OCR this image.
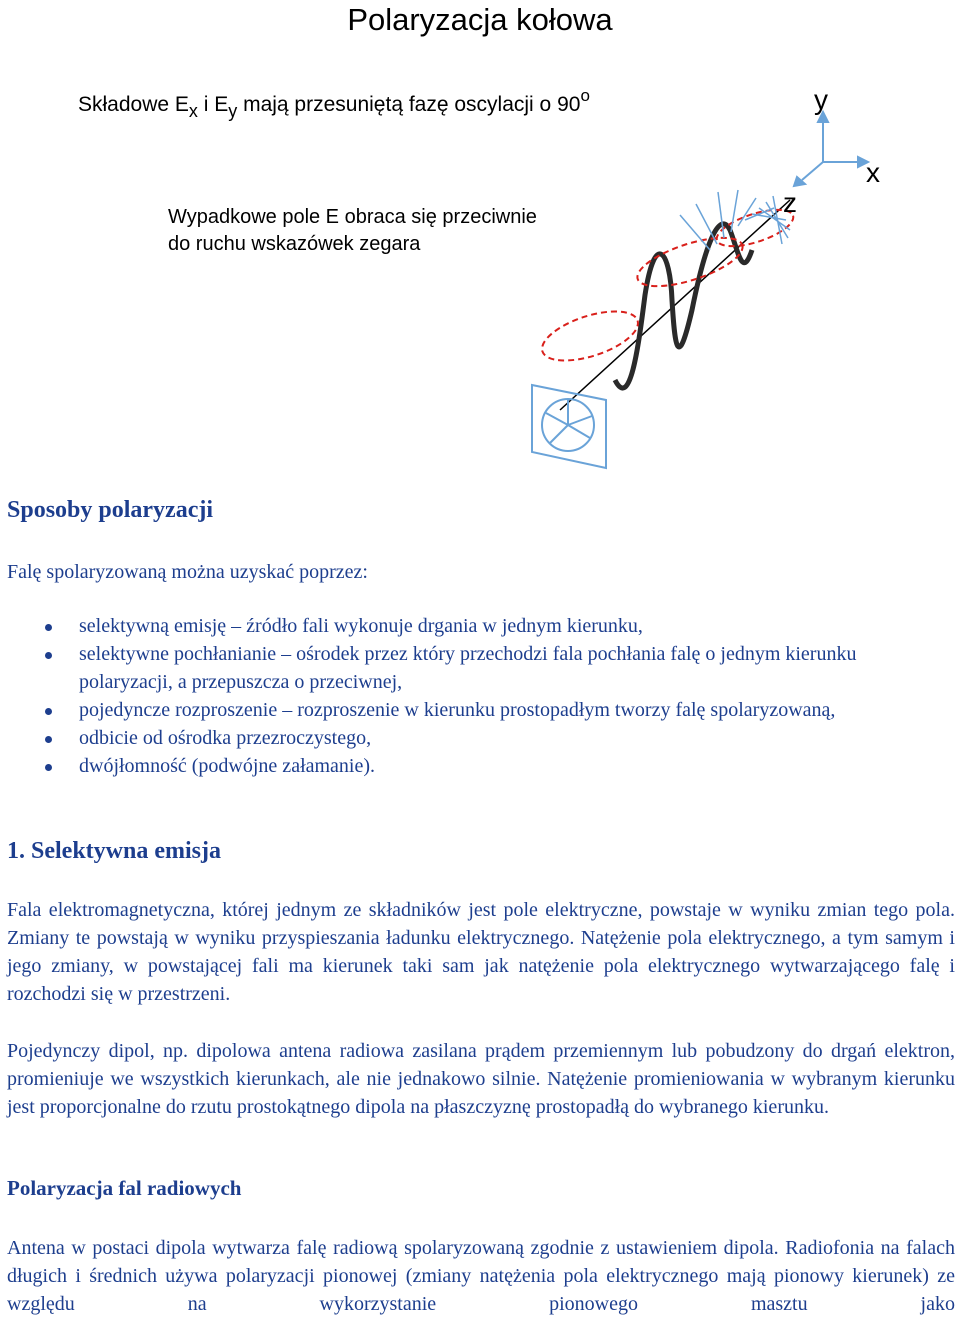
Polaryzacja kołowa
Składowe $E_x$ i $E_y$ mają przesuniętą fazę oscylacji o 90$^o$
Wypadkowe pole E obraca się przeciwnie
do ruchu wskazówek zegara
y
x
z
Sposoby polaryzacji
Falę spolaryzowaną można uzyskać poprzez:
selektywną emisję – źródło fali wykonuje drgania w jednym kierunku,
selektywne pochłanianie – ośrodek przez który przechodzi fala pochłania falę o jednym kierunku polaryzacji, a przepuszcza o przeciwnej,
pojedyncze rozproszenie – rozproszenie w kierunku prostopadłym tworzy falę spolaryzowaną,
odbicie od ośrodka przezroczystego,
dwójłomność (podwójne załamanie).
1. Selektywna emisja

Fala elektromagnetyczna, której jednym ze składników jest pole elektryczne, powstaje w wyniku zmian tego pola. Zmiany te powstają w wyniku przyspieszania ładunku elektrycznego. Natężenie pola elektrycznego, a tym samym i jego zmiany, w powstającej fali ma kierunek taki sam jak natężenie pola elektrycznego wytwarzającego falę i rozchodzi się w przestrzeni.

Pojedynczy dipol, np. dipolowa antena radiowa zasilana prądem przemiennym lub pobudzony do drgań elektron, promieniuje we wszystkich kierunkach, ale nie jednakowo silnie. Natężenie promieniowania w wybranym kierunku jest proporcjonalne do rzutu prostokątnego dipola na płaszczyznę prostopadłą do wybranego kierunku.

Polaryzacja fal radiowych

Antena w postaci dipola wytwarza falę radiową spolaryzowaną zgodnie z ustawieniem dipola. Radiofonia na falach długich i średnich używa polaryzacji pionowej (zmiany natężenia pola elektrycznego mają pionowy kierunek) ze względu na wykorzystanie pionowego masztu jako
